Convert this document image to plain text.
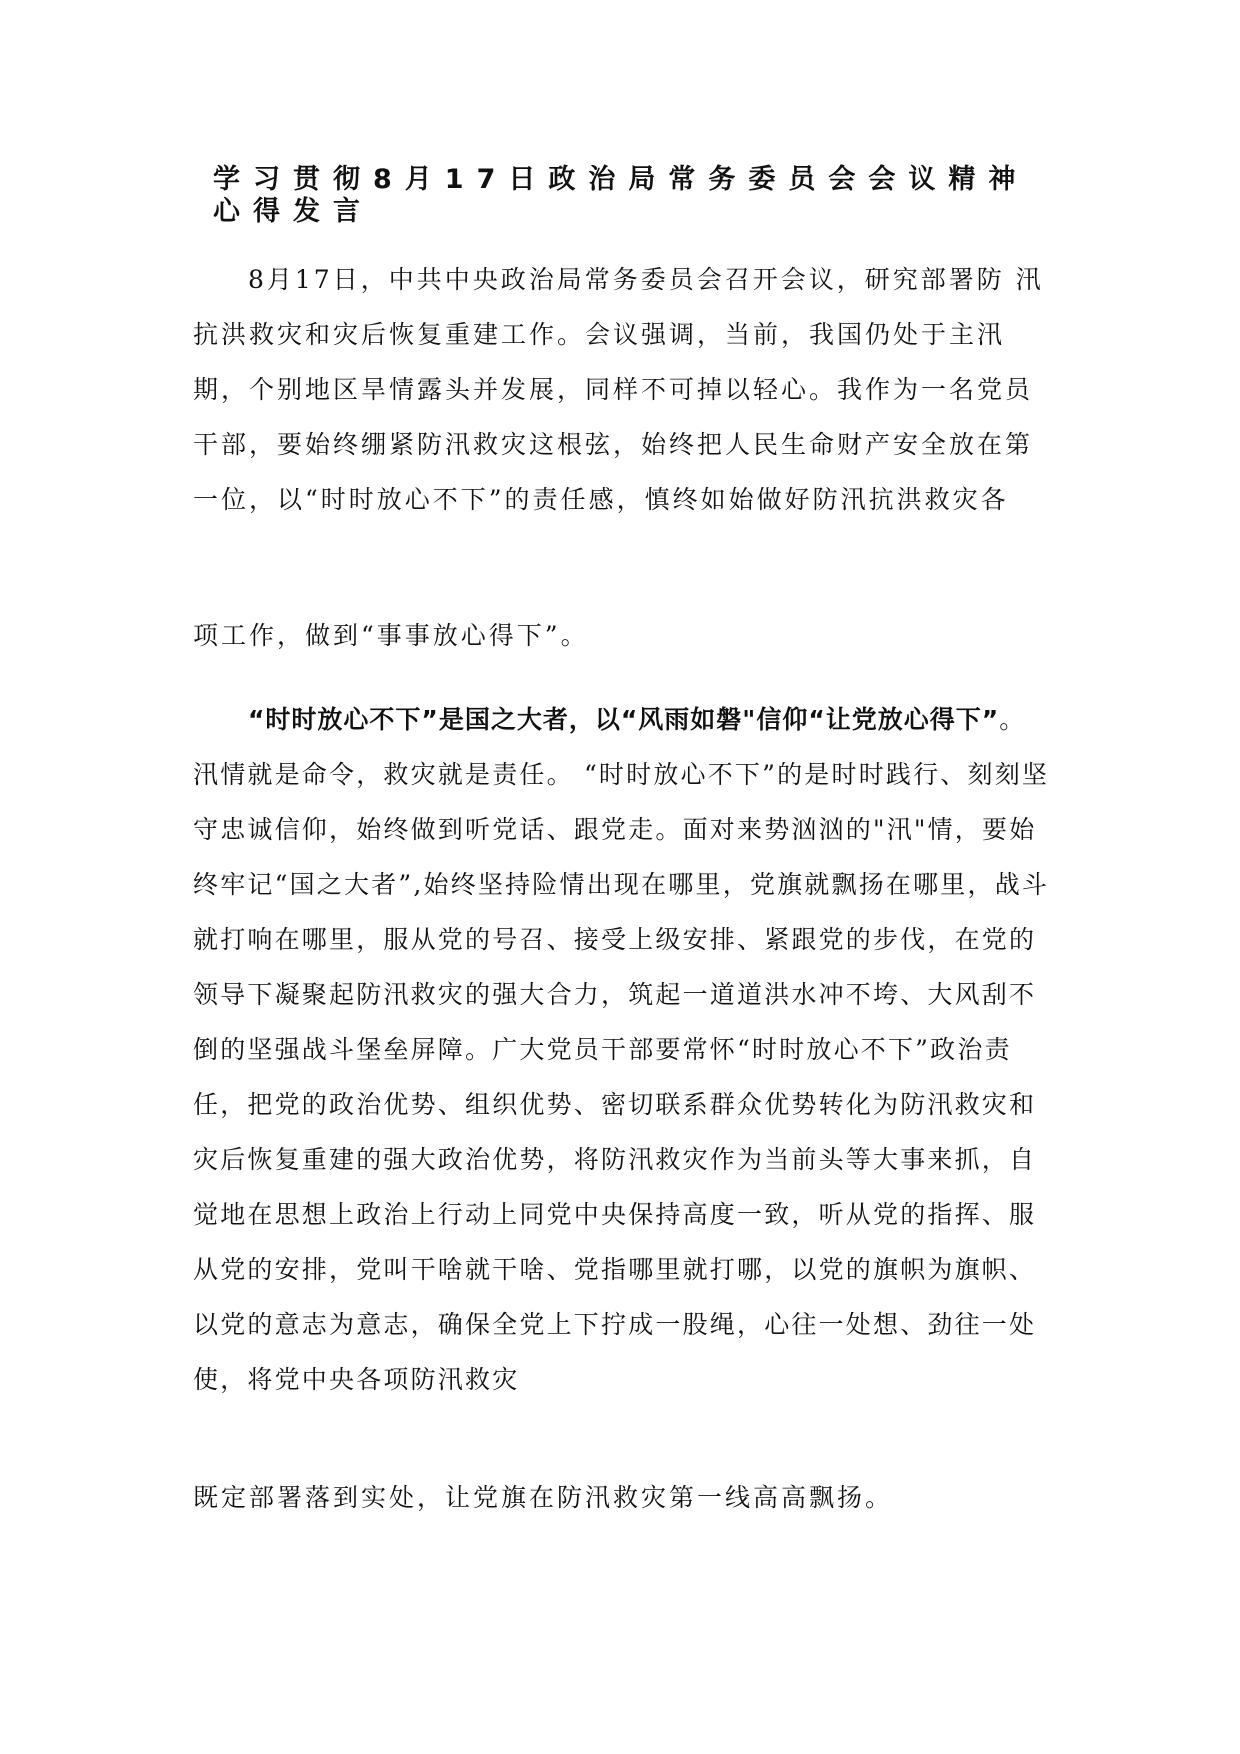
学习贯彻8月17日政治局常务委员会会议精神心得发言

8月17日，中共中央政治局常务委员会召开会议，研究部署防 汛抗洪救灾和灾后恢复重建工作。会议强调，当前，我国仍处于主汛 期，个别地区旱情露头并发展，同样不可掉以轻心。我作为一名党员 干部，要始终绷紧防汛救灾这根弦，始终把人民生命财产安全放在第 一位，以“时时放心不下”的责任感，慎终如始做好防汛抗洪救灾各

项工作，做到“事事放心得下”。

“时时放心不下”是国之大者，以“风雨如磐"信仰“让党放心得下”。汛情就是命令，救灾就是责任。 “时时放心不下”的是时时践行、刻刻坚守忠诚信仰，始终做到听党话、跟党走。面对来势汹汹的"汛"情，要始终牢记“国之大者”,始终坚持险情出现在哪里，党旗就飘扬在哪里，战斗就打响在哪里，服从党的号召、接受上级安排、紧跟党的步伐，在党的领导下凝聚起防汛救灾的强大合力，筑起一道道洪水冲不垮、大风刮不倒的坚强战斗堡垒屏障。广大党员干部要常怀“时时放心不下”政治责任，把党的政治优势、组织优势、密切联系群众优势转化为防汛救灾和灾后恢复重建的强大政治优势，将防汛救灾作为当前头等大事来抓，自觉地在思想上政治上行动上同党中央保持高度一致，听从党的指挥、服从党的安排，党叫干啥就干啥、党指哪里就打哪，以党的旗帜为旗帜、以党的意志为意志，确保全党上下拧成一股绳，心往一处想、劲往一处使，将党中央各项防汛救灾

既定部署落到实处，让党旗在防汛救灾第一线高高飘扬。
